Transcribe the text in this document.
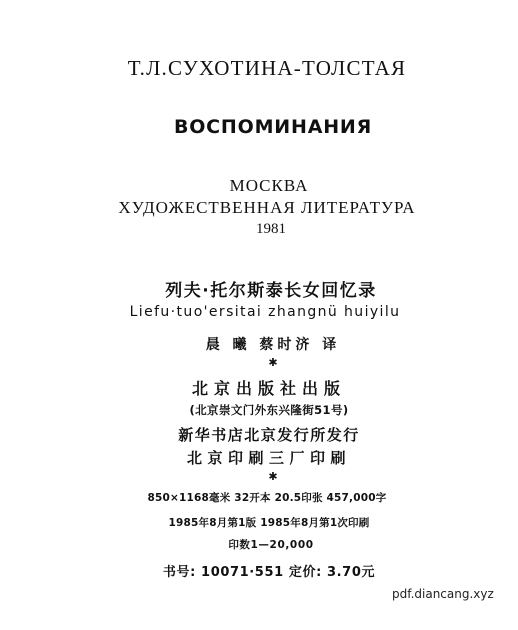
Т.Л.СУХОТИНА-ТОЛСТАЯ
ВОСПОМИНАНИЯ
МОСКВА
ХУДОЖЕСТВЕННАЯ ЛИТЕРАТУРА
1981
列夫·托尔斯泰长女回忆录
Liefu·tuo'ersitai zhangnü huiyilu
晨 曦 蔡时济 译
✱
北京出版社出版
(北京崇文门外东兴隆街51号)
新华书店北京发行所发行
北京印刷三厂印刷
✱
850×1168毫米 32开本 20.5印张 457,000字
1985年8月第1版 1985年8月第1次印刷
印数1—20,000
书号: 10071·551 定价: 3.70元
pdf.diancang.xyz
